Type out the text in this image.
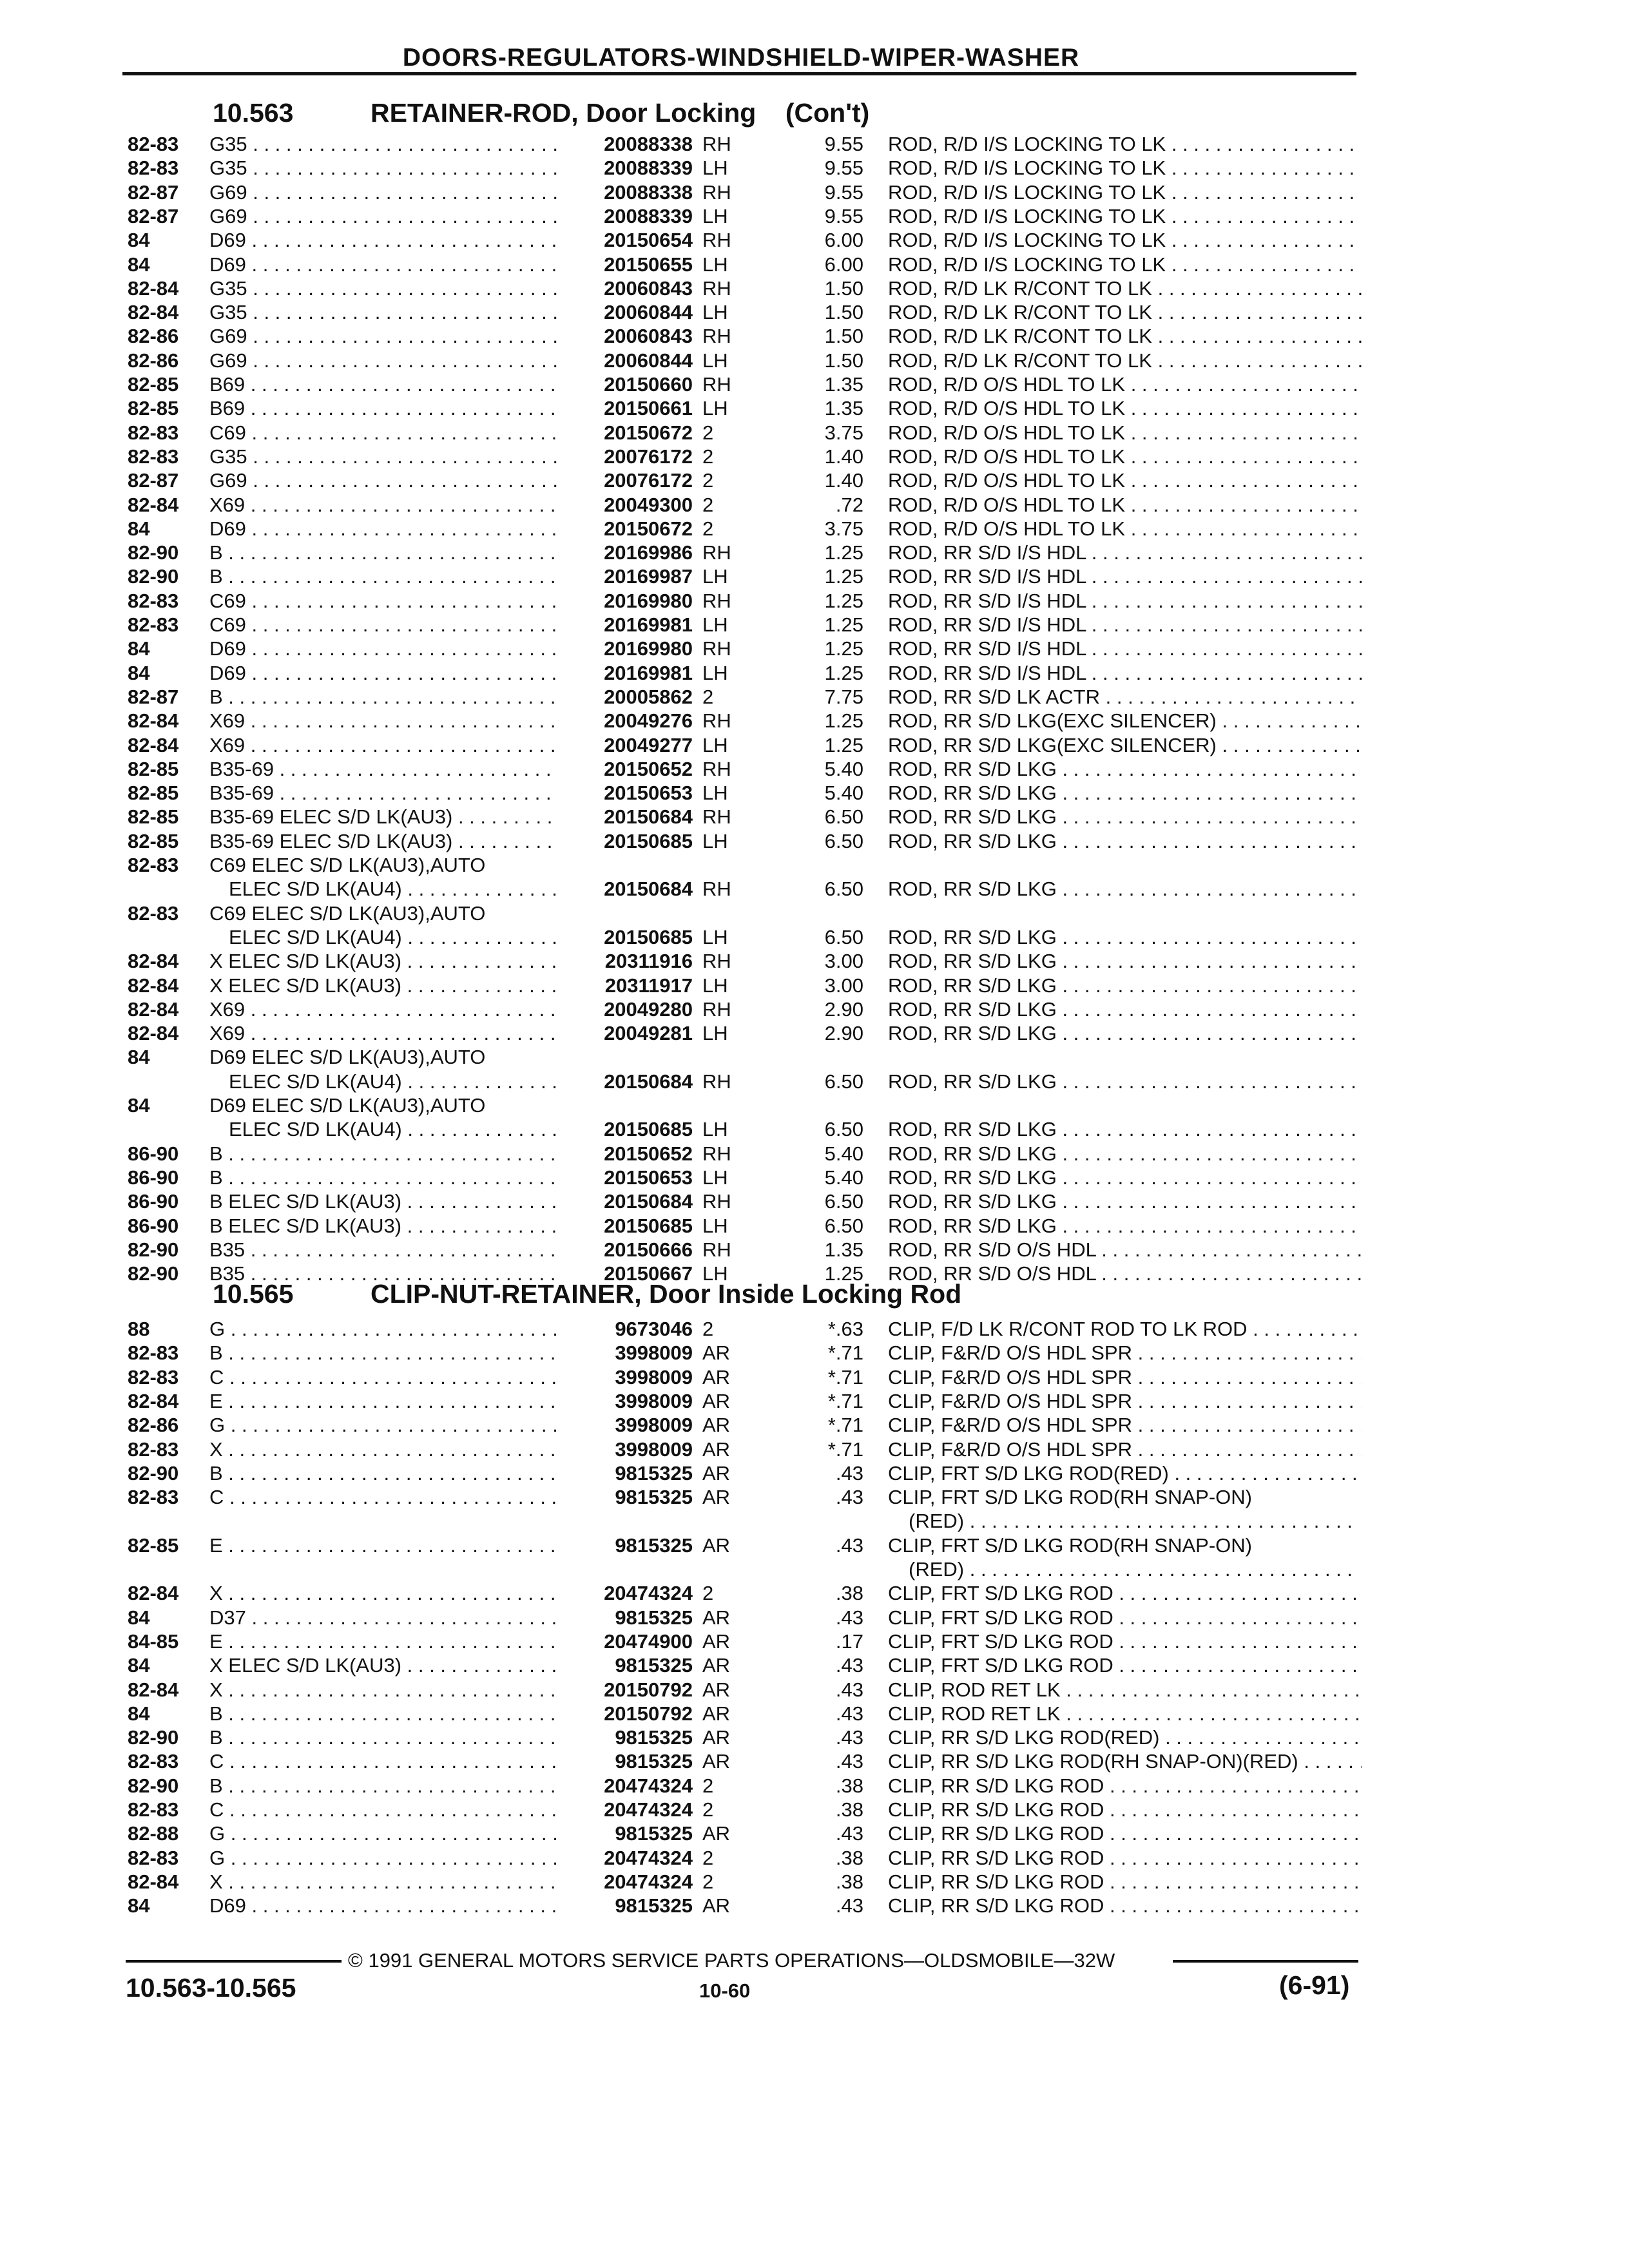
DOORS-REGULATORS-WINDSHIELD-WIPER-WASHER
10.563	RETAINER-ROD, Door Locking (Con't)
82-83 G35 . . .	20088338 RH	9.55 ROD, R/D I/S LOCKING TO LK . . .
82-83 G35 . . .	20088339 LH	9.55 ROD, R/D I/S LOCKING TO LK . . .
82-87 G69 . . .	20088338 RH	9.55 ROD, R/D I/S LOCKING TO LK . . .
82-87 G69 . . .	20088339 LH	9.55 ROD, R/D I/S LOCKING TO LK . . .
84	D69 . . .	20150654 RH	6.00 ROD, R/D I/S LOCKING TO LK . . .
84	D69 . . .	20150655 LH	6.00 ROD, R/D I/S LOCKING TO LK . . .
82-84 G35 . . .	20060843 RH	1.50 ROD, R/D LK R/CONT TO LK . . .
82-84 G35 . . .	20060844 LH	1.50 ROD, R/D LK R/CONT TO LK . . .
82-86 G69 . . .	20060843 RH	1.50 ROD, R/D LK R/CONT TO LK . . .
82-86 G69 . . .	20060844 LH	1.50 ROD, R/D LK R/CONT TO LK . . .
82-85 B69 . . .	20150660 RH	1.35 ROD, R/D O/S HDL TO LK . . .
82-85 B69 . . .	20150661 LH	1.35 ROD, R/D O/S HDL TO LK . . .
82-83 C69 . . .	20150672 2	3.75 ROD, R/D O/S HDL TO LK . . .
82-83 G35 . . .	20076172 2	1.40 ROD, R/D O/S HDL TO LK . . .
82-87 G69 . . .	20076172 2	1.40 ROD, R/D O/S HDL TO LK . . .
82-84 X69 . . .	20049300 2	.72 ROD, R/D O/S HDL TO LK . . .
84	D69 . . .	20150672 2	3.75 ROD, R/D O/S HDL TO LK . . .
82-90 B . . .	20169986 RH	1.25 ROD, RR S/D I/S HDL . . .
82-90 B . . .	20169987 LH	1.25 ROD, RR S/D I/S HDL . . .
82-83 C69 . . .	20169980 RH	1.25 ROD, RR S/D I/S HDL . . .
82-83 C69 . . .	20169981 LH	1.25 ROD, RR S/D I/S HDL . . .
84	D69 . . .	20169980 RH	1.25 ROD, RR S/D I/S HDL . . .
84	D69 . . .	20169981 LH	1.25 ROD, RR S/D I/S HDL . . .
82-87 B . . .	20005862 2	7.75 ROD, RR S/D LK ACTR . . .
82-84 X69 . . .	20049276 RH	1.25 ROD, RR S/D LKG(EXC SILENCER) . . .
82-84 X69 . . .	20049277 LH	1.25 ROD, RR S/D LKG(EXC SILENCER) . . .
82-85 B35-69 . . .	20150652 RH	5.40 ROD, RR S/D LKG . . .
82-85 B35-69 . . .	20150653 LH	5.40 ROD, RR S/D LKG . . .
82-85 B35-69 ELEC S/D LK(AU3) . . .	20150684 RH	6.50 ROD, RR S/D LKG . . .
82-85 B35-69 ELEC S/D LK(AU3) . . .	20150685 LH	6.50 ROD, RR S/D LKG . . .
82-83 C69 ELEC S/D LK(AU3),AUTO
ELEC S/D LK(AU4) . . .	20150684 RH	6.50 ROD, RR S/D LKG . . .
82-83 C69 ELEC S/D LK(AU3),AUTO
ELEC S/D LK(AU4) . . .	20150685 LH	6.50 ROD, RR S/D LKG . . .
82-84 X ELEC S/D LK(AU3) . . .	20311916 RH	3.00 ROD, RR S/D LKG . . .
82-84 X ELEC S/D LK(AU3) . . .	20311917 LH	3.00 ROD, RR S/D LKG . . .
82-84 X69 . . .	20049280 RH	2.90 ROD, RR S/D LKG . . .
82-84 X69 . . .	20049281 LH	2.90 ROD, RR S/D LKG . . .
84	D69 ELEC S/D LK(AU3),AUTO
ELEC S/D LK(AU4) . . .	20150684 RH	6.50 ROD, RR S/D LKG . . .
84	D69 ELEC S/D LK(AU3),AUTO
ELEC S/D LK(AU4) . . .	20150685 LH	6.50 ROD, RR S/D LKG . . .
86-90 B . . .	20150652 RH	5.40 ROD, RR S/D LKG . . .
86-90 B . . .	20150653 LH	5.40 ROD, RR S/D LKG . . .
86-90 B ELEC S/D LK(AU3) . . .	20150684 RH	6.50 ROD, RR S/D LKG . . .
86-90 B ELEC S/D LK(AU3) . . .	20150685 LH	6.50 ROD, RR S/D LKG . . .
82-90 B35 . . .	20150666 RH	1.35 ROD, RR S/D O/S HDL . . .
82-90 B35 . . .	20150667 LH	1.25 ROD, RR S/D O/S HDL . . .
10.565	CLIP-NUT-RETAINER, Door Inside Locking Rod
88	G . . .	9673046 2	*.63 CLIP, F/D LK R/CONT ROD TO LK ROD . . .
82-83 B . . .	3998009 AR	*.71 CLIP, F&R/D O/S HDL SPR . . .
82-83 C . . .	3998009 AR	*.71 CLIP, F&R/D O/S HDL SPR . . .
82-84 E . . .	3998009 AR	*.71 CLIP, F&R/D O/S HDL SPR . . .
82-86 G . . .	3998009 AR	*.71 CLIP, F&R/D O/S HDL SPR . . .
82-83 X . . .	3998009 AR	*.71 CLIP, F&R/D O/S HDL SPR . . .
82-90 B . . .	9815325 AR	.43 CLIP, FRT S/D LKG ROD(RED) . . .
82-83 C . . .	9815325 AR	.43 CLIP, FRT S/D LKG ROD(RH SNAP-ON)
(RED) . . .
82-85 E . . .	9815325 AR	.43 CLIP, FRT S/D LKG ROD(RH SNAP-ON)
(RED) . . .
82-84 X . . .	20474324 2	.38 CLIP, FRT S/D LKG ROD . . .
84	D37 . . .	9815325 AR	.43 CLIP, FRT S/D LKG ROD . . .
84-85 E . . .	20474900 AR	.17 CLIP, FRT S/D LKG ROD . . .
84	X ELEC S/D LK(AU3) . . .	9815325 AR	.43 CLIP, FRT S/D LKG ROD . . .
82-84 X . . .	20150792 AR	.43 CLIP, ROD RET LK . . .
84	B . . .	20150792 AR	.43 CLIP, ROD RET LK . . .
82-90 B . . .	9815325 AR	.43 CLIP, RR S/D LKG ROD(RED) . . .
82-83 C . . .	9815325 AR	.43 CLIP, RR S/D LKG ROD(RH SNAP-ON)(RED) . . .
82-90 B . . .	20474324 2	.38 CLIP, RR S/D LKG ROD . . .
82-83 C . . .	20474324 2	.38 CLIP, RR S/D LKG ROD . . .
82-88 G . . .	9815325 AR	.43 CLIP, RR S/D LKG ROD . . .
82-83 G . . .	20474324 2	.38 CLIP, RR S/D LKG ROD . . .
82-84 X . . .	20474324 2	.38 CLIP, RR S/D LKG ROD . . .
84	D69 . . .	9815325 AR	.43 CLIP, RR S/D LKG ROD . . .
© 1991 GENERAL MOTORS SERVICE PARTS OPERATIONS—OLDSMOBILE—32W
10.563-10.565	10-60	(6-91)
